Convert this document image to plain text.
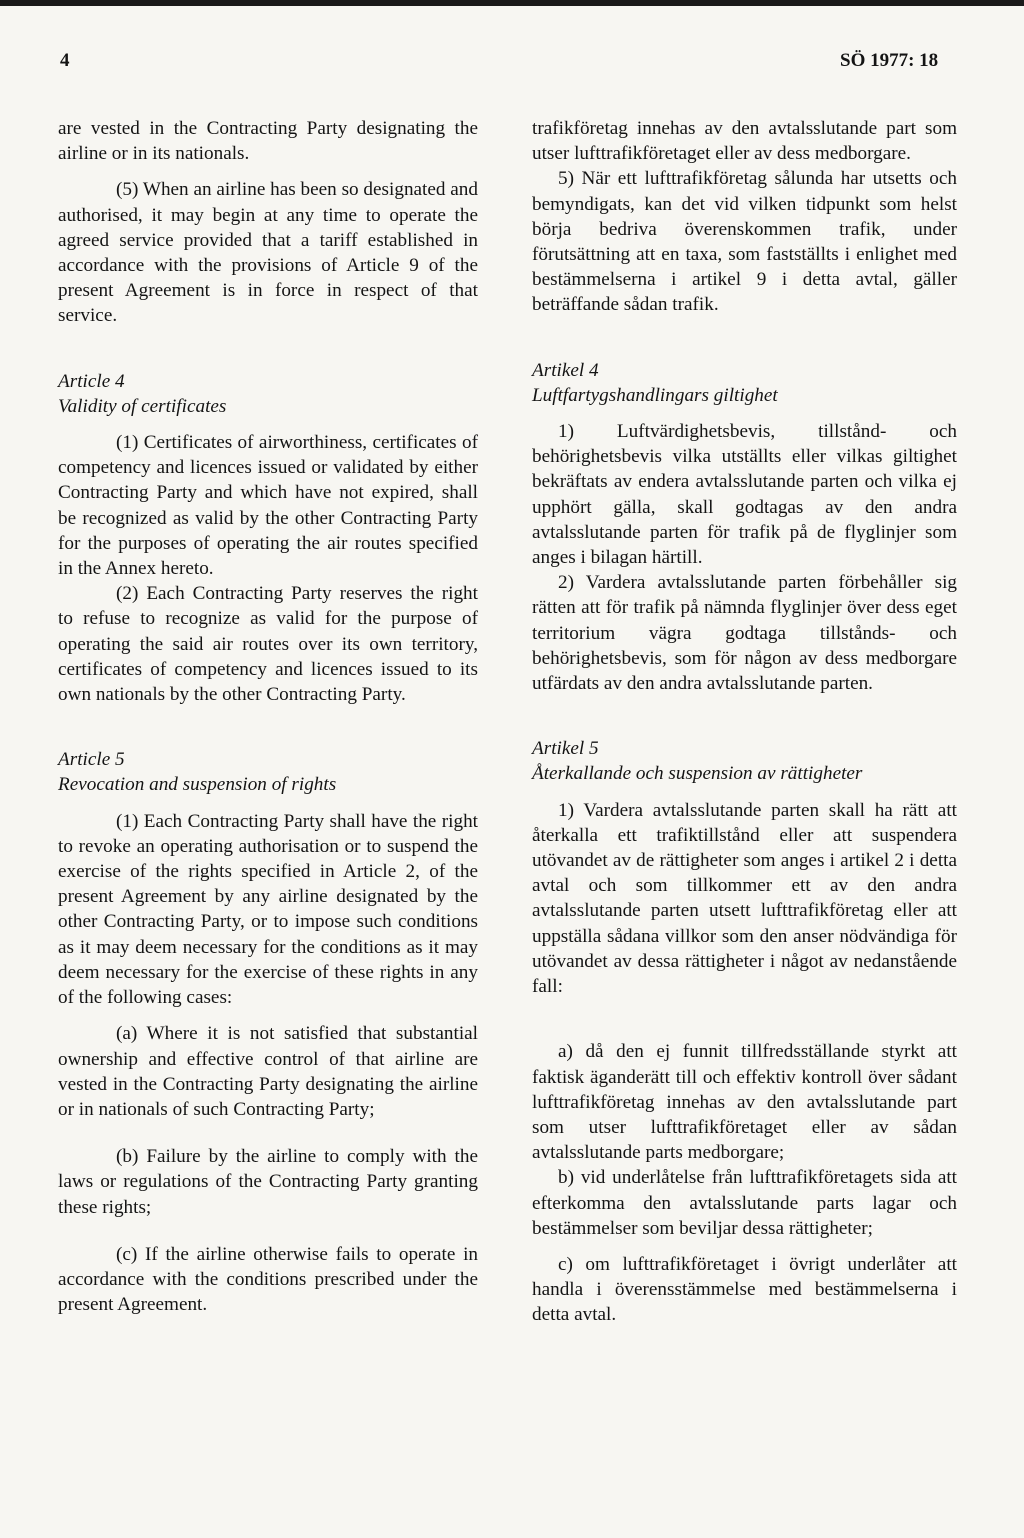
4	SÖ 1977: 18

are vested in the Contracting Party designating the airline or in its nationals.

(5) When an airline has been so designated and authorised, it may begin at any time to operate the agreed service provided that a tariff established in accordance with the provisions of Article 9 of the present Agreement is in force in respect of that service.

Article 4

Validity of certificates

(1) Certificates of airworthiness, certificates of competency and licences issued or validated by either Contracting Party and which have not expired, shall be recognized as valid by the other Contracting Party for the purposes of operating the air routes specified in the Annex hereto.

(2) Each Contracting Party reserves the right to refuse to recognize as valid for the purpose of operating the said air routes over its own territory, certificates of competency and licences issued to its own nationals by the other Contracting Party.

Article 5

Revocation and suspension of rights

(1) Each Contracting Party shall have the right to revoke an operating authorisation or to suspend the exercise of the rights specified in Article 2, of the present Agreement by any airline designated by the other Contracting Party, or to impose such conditions as it may deem necessary for the conditions as it may deem necessary for the exercise of these rights in any of the following cases:

(a) Where it is not satisfied that substantial ownership and effective control of that airline are vested in the Contracting Party designating the airline or in nationals of such Contracting Party;

(b) Failure by the airline to comply with the laws or regulations of the Contracting Party granting these rights;

(c) If the airline otherwise fails to operate in accordance with the conditions prescribed under the present Agreement.

trafikföretag innehas av den avtalsslutande part som utser lufttrafikföretaget eller av dess medborgare.

5) När ett lufttrafikföretag sålunda har utsetts och bemyndigats, kan det vid vilken tidpunkt som helst börja bedriva överenskommen trafik, under förutsättning att en taxa, som fastställts i enlighet med bestämmelserna i artikel 9 i detta avtal, gäller beträffande sådan trafik.

Artikel 4

Luftfartygshandlingars giltighet

1) Luftvärdighetsbevis, tillstånd- och behörighetsbevis vilka utställts eller vilkas giltighet bekräftats av endera avtalsslutande parten och vilka ej upphört gälla, skall godtagas av den andra avtalsslutande parten för trafik på de flyglinjer som anges i bilagan härtill.

2) Vardera avtalsslutande parten förbehåller sig rätten att för trafik på nämnda flyglinjer över dess eget territorium vägra godtaga tillstånds- och behörighetsbevis, som för någon av dess medborgare utfärdats av den andra avtalsslutande parten.

Artikel 5

Återkallande och suspension av rättigheter

1) Vardera avtalsslutande parten skall ha rätt att återkalla ett trafiktillstånd eller att suspendera utövandet av de rättigheter som anges i artikel 2 i detta avtal och som tillkommer ett av den andra avtalsslutande parten utsett lufttrafikföretag eller att uppställa sådana villkor som den anser nödvändiga för utövandet av dessa rättigheter i något av nedanstående fall:

a) då den ej funnit tillfredsställande styrkt att faktisk äganderätt till och effektiv kontroll över sådant lufttrafikföretag innehas av den avtalsslutande part som utser lufttrafikföretaget eller av sådan avtalsslutande parts medborgare;

b) vid underlåtelse från lufttrafikföretagets sida att efterkomma den avtalsslutande parts lagar och bestämmelser som beviljar dessa rättigheter;

c) om lufttrafikföretaget i övrigt underlåter att handla i överensstämmelse med bestämmelserna i detta avtal.
